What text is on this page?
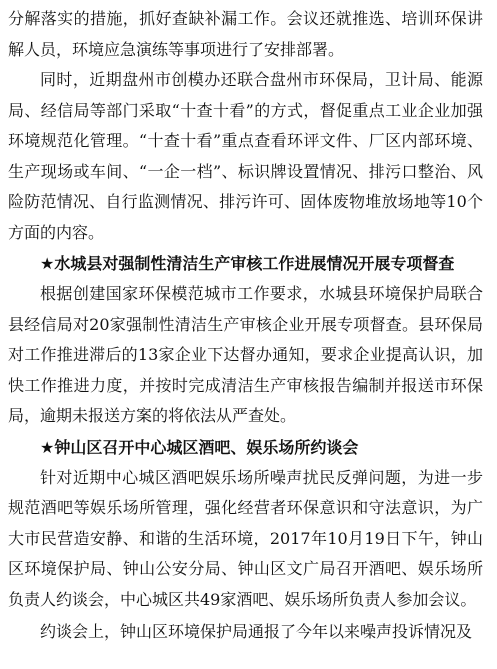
分解落实的措施，抓好查缺补漏工作。会议还就推选、培训环保讲解人员，环境应急演练等事项进行了安排部署。

同时，近期盘州市创模办还联合盘州市环保局，卫计局、能源局、经信局等部门采取“十查十看”的方式，督促重点工业企业加强环境规范化管理。“十查十看”重点查看环评文件、厂区内部环境、生产现场或车间、“一企一档”、标识牌设置情况、排污口整治、风险防范情况、自行监测情况、排污许可、固体废物堆放场地等10个方面的内容。

★水城县对强制性清洁生产审核工作进展情况开展专项督查

根据创建国家环保模范城市工作要求，水城县环境保护局联合县经信局对20家强制性清洁生产审核企业开展专项督查。县环保局对工作推进滞后的13家企业下达督办通知，要求企业提高认识，加快工作推进力度，并按时完成清洁生产审核报告编制并报送市环保局，逾期未报送方案的将依法从严查处。

★钟山区召开中心城区酒吧、娱乐场所约谈会

针对近期中心城区酒吧娱乐场所噪声扰民反弹问题，为进一步规范酒吧等娱乐场所管理，强化经营者环保意识和守法意识，为广大市民营造安静、和谐的生活环境，2017年10月19日下午，钟山区环境保护局、钟山公安分局、钟山区文广局召开酒吧、娱乐场所负责人约谈会，中心城区共49家酒吧、娱乐场所负责人参加会议。

约谈会上，钟山区环境保护局通报了今年以来噪声投诉情况及
